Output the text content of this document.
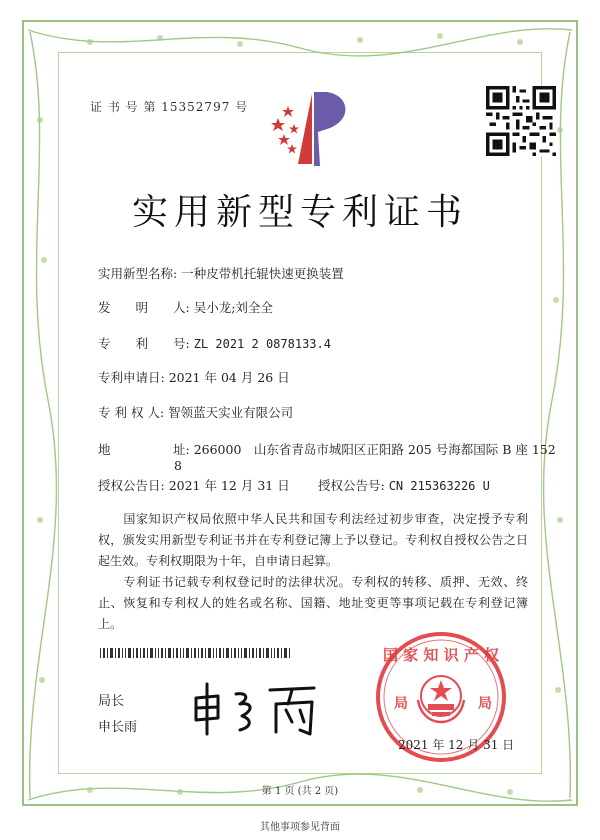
证 书 号 第 15352797 号
实用新型专利证书
实用新型名称: 一种皮带机托辊快速更换装置
发　　明　　人: 吴小龙;刘全全
专　　利　　号: ZL 2021 2 0878133.4
专利申请日: 2021 年 04 月 26 日
专 利 权 人: 智领蓝天实业有限公司
地　　　　　址: 266000　山东省青岛市城阳区正阳路 205 号海都国际 B 座 152
8
授权公告日: 2021 年 12 月 31 日 授权公告号: CN 215363226 U
　　国家知识产权局依照中华人民共和国专利法经过初步审查，决定授予专利权，颁发实用新型专利证书并在专利登记簿上予以登记。专利权自授权公告之日起生效。专利权期限为十年，自申请日起算。
　　专利证书记载专利权登记时的法律状况。专利权的转移、质押、无效、终止、恢复和专利权人的姓名或名称、国籍、地址变更等事项记载在专利登记簿上。
局长
申长雨
国 家 知 识 产 权
局	局
2021 年 12 月 31 日
第 1 页 (共 2 页)
其他事项参见背面
